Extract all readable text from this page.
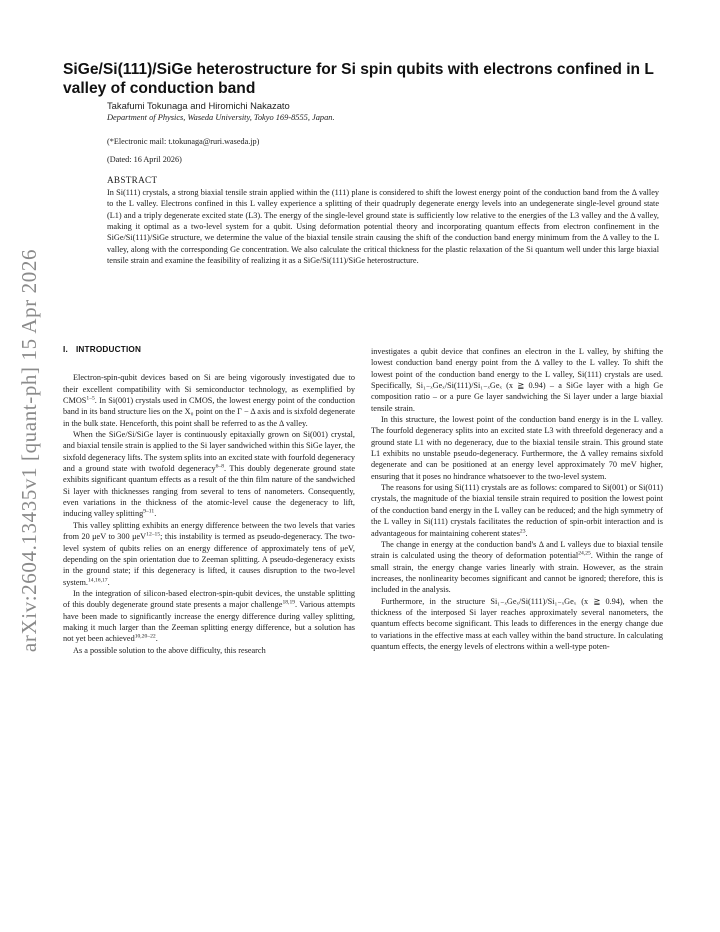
arXiv:2604.13435v1 [quant-ph] 15 Apr 2026
SiGe/Si(111)/SiGe heterostructure for Si spin qubits with electrons confined in L valley of conduction band

Takafumi Tokunaga and Hiromichi Nakazato

Department of Physics, Waseda University, Tokyo 169-8555, Japan.

(*Electronic mail: t.tokunaga@ruri.waseda.jp)

(Dated: 16 April 2026)

ABSTRACT

In Si(111) crystals, a strong biaxial tensile strain applied within the (111) plane is considered to shift the lowest energy point of the conduction band from the Δ valley to the L valley. Electrons confined in this L valley experience a splitting of their quadruply degenerate energy levels into an undegenerate single-level ground state (L1) and a triply degenerate excited state (L3). The energy of the single-level ground state is sufficiently low relative to the energies of the L3 valley and the Δ valley, making it optimal as a two-level system for a qubit. Using deformation potential theory and incorporating quantum effects from electron confinement in the SiGe/Si(111)/SiGe structure, we determine the value of the biaxial tensile strain causing the shift of the conduction band energy minimum from the Δ valley to the L valley, along with the corresponding Ge concentration. We also calculate the critical thickness for the plastic relaxation of the Si quantum well under this large biaxial tensile strain and examine the feasibility of realizing it as a SiGe/Si(111)/SiGe heterostructure.

I. INTRODUCTION

Electron-spin-qubit devices based on Si are being vigorously investigated due to their excellent compatibility with Si semiconductor technology, as exemplified by CMOS$^{1-5}$. In Si(001) crystals used in CMOS, the lowest energy point of the conduction band in its band structure lies on the X₀ point on the Γ − Δ axis and is sixfold degenerate in the bulk state. Henceforth, this point shall be referred to as the Δ valley.

When the SiGe/Si/SiGe layer is continuously epitaxially grown on Si(001) crystal, and biaxial tensile strain is applied to the Si layer sandwiched within this SiGe layer, the sixfold degeneracy lifts. The system splits into an excited state with fourfold degeneracy and a ground state with twofold degeneracy$^{6-8}$. This doubly degenerate ground state exhibits significant quantum effects as a result of the thin film nature of the sandwiched Si layer with thicknesses ranging from several to tens of nanometers. Consequently, even variations in the thickness of the atomic-level cause the degeneracy to lift, inducing valley splitting$^{9-11}$.

This valley splitting exhibits an energy difference between the two levels that varies from 20 μeV to 300 μeV$^{12-15}$; this instability is termed as pseudo-degeneracy. The two-level system of qubits relies on an energy difference of approximately tens of μeV, depending on the spin orientation due to Zeeman splitting. A pseudo-degeneracy exists in the ground state; if this degeneracy is lifted, it causes disruption to the two-level system.$^{14,16,17}$.

In the integration of silicon-based electron-spin-qubit devices, the unstable splitting of this doubly degenerate ground state presents a major challenge$^{18,19}$. Various attempts have been made to significantly increase the energy difference during valley splitting, making it much larger than the Zeeman splitting energy difference, but a solution has not yet been achieved$^{10,20-22}$.

As a possible solution to the above difficulty, this research

investigates a qubit device that confines an electron in the L valley, by shifting the lowest conduction band energy point from the Δ valley to the L valley. To shift the lowest point of the conduction band energy to the L valley, Si(111) crystals are used. Specifically, Si₁₋ₓGeₓ/Si(111)/Si₁₋ₓGeₓ (x ≧ 0.94) – a SiGe layer with a high Ge composition ratio – or a pure Ge layer sandwiching the Si layer under a large biaxial tensile strain.

In this structure, the lowest point of the conduction band energy is in the L valley. The fourfold degeneracy splits into an excited state L3 with threefold degeneracy and a ground state L1 with no degeneracy, due to the biaxial tensile strain. This ground state L1 exhibits no unstable pseudo-degeneracy. Furthermore, the Δ valley remains sixfold degenerate and can be positioned at an energy level approximately 70 meV higher, ensuring that it poses no hindrance whatsoever to the two-level system.

The reasons for using Si(111) crystals are as follows: compared to Si(001) or Si(011) crystals, the magnitude of the biaxial tensile strain required to position the lowest point of the conduction band energy in the L valley can be reduced; and the high symmetry of the L valley in Si(111) crystals facilitates the reduction of spin-orbit interaction and is advantageous for maintaining coherent states$^{23}$.

The change in energy at the conduction band's Δ and L valleys due to biaxial tensile strain is calculated using the theory of deformation potential$^{24,25}$. Within the range of small strain, the energy change varies linearly with strain. However, as the strain increases, the nonlinearity becomes significant and cannot be ignored; therefore, this is included in the analysis.

Furthermore, in the structure Si₁₋ₓGeₓ/Si(111)/Si₁₋ₓGeₓ (x ≧ 0.94), when the thickness of the interposed Si layer reaches approximately several nanometers, the quantum effects become significant. This leads to differences in the energy change due to variations in the effective mass at each valley within the band structure. In calculating quantum effects, the energy levels of electrons within a well-type poten-
